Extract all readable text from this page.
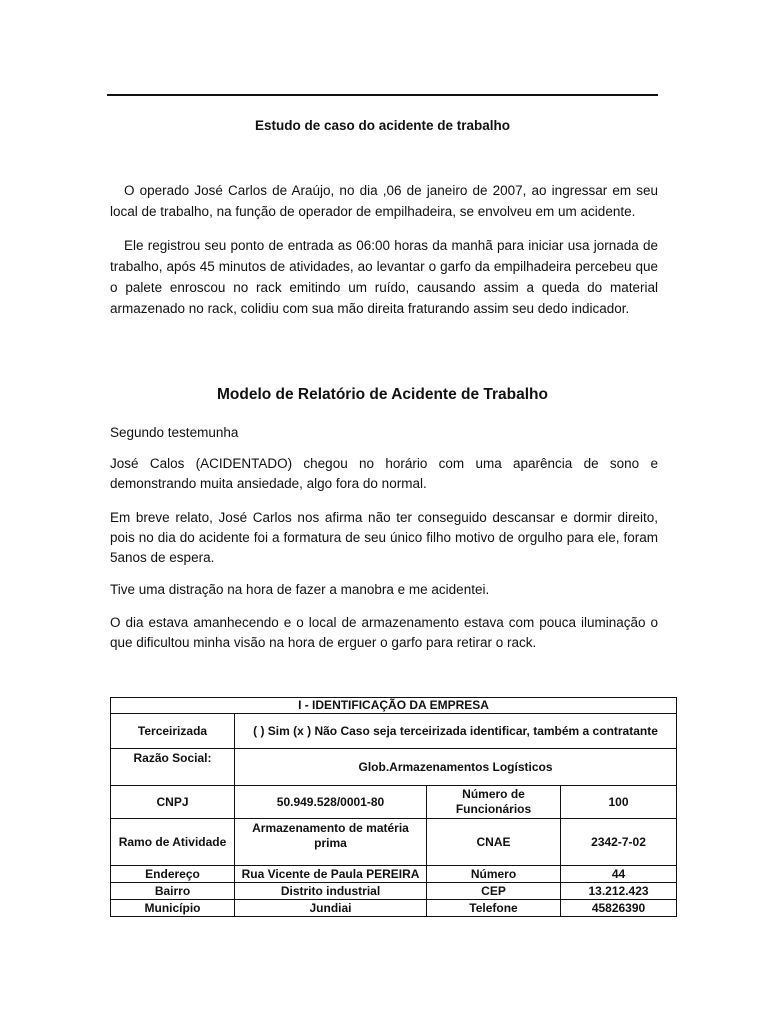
Estudo de caso do acidente de trabalho

O operado José Carlos de Araújo, no dia ,06 de janeiro de 2007, ao ingressar em seu local de trabalho, na função de operador de empilhadeira, se envolveu em um acidente.

Ele registrou seu ponto de entrada as 06:00 horas da manhã para iniciar usa jornada de trabalho, após 45 minutos de atividades, ao levantar o garfo da empilhadeira percebeu que o palete enroscou no rack emitindo um ruído, causando assim a queda do material armazenado no rack, colidiu com sua mão direita fraturando assim seu dedo indicador.

Modelo de Relatório de Acidente de Trabalho

Segundo testemunha

José Calos (ACIDENTADO) chegou no horário com uma aparência de sono e demonstrando muita ansiedade, algo fora do normal.

Em breve relato, José Carlos nos afirma não ter conseguido descansar e dormir direito, pois no dia do acidente foi a formatura de seu único filho motivo de orgulho para ele, foram 5anos de espera.

Tive uma distração na hora de fazer a manobra e me acidentei.

O dia estava amanhecendo e o local de armazenamento estava com pouca iluminação o que dificultou minha visão na hora de erguer o garfo para retirar o rack.

I - IDENTIFICAÇÃO DA EMPRESA			
Terceirizada	( ) Sim (x ) Não Caso seja terceirizada identificar, também a contratante		
Razão Social:	Glob.Armazenamentos Logísticos		
CNPJ	50.949.528/0001-80	Número de Funcionários	100
Ramo de Atividade	Armazenamento de matéria prima	CNAE	2342-7-02
Endereço	Rua Vicente de Paula PEREIRA	Número	44
Bairro	Distrito industrial	CEP	13.212.423
Município	Jundiai	Telefone	45826390
